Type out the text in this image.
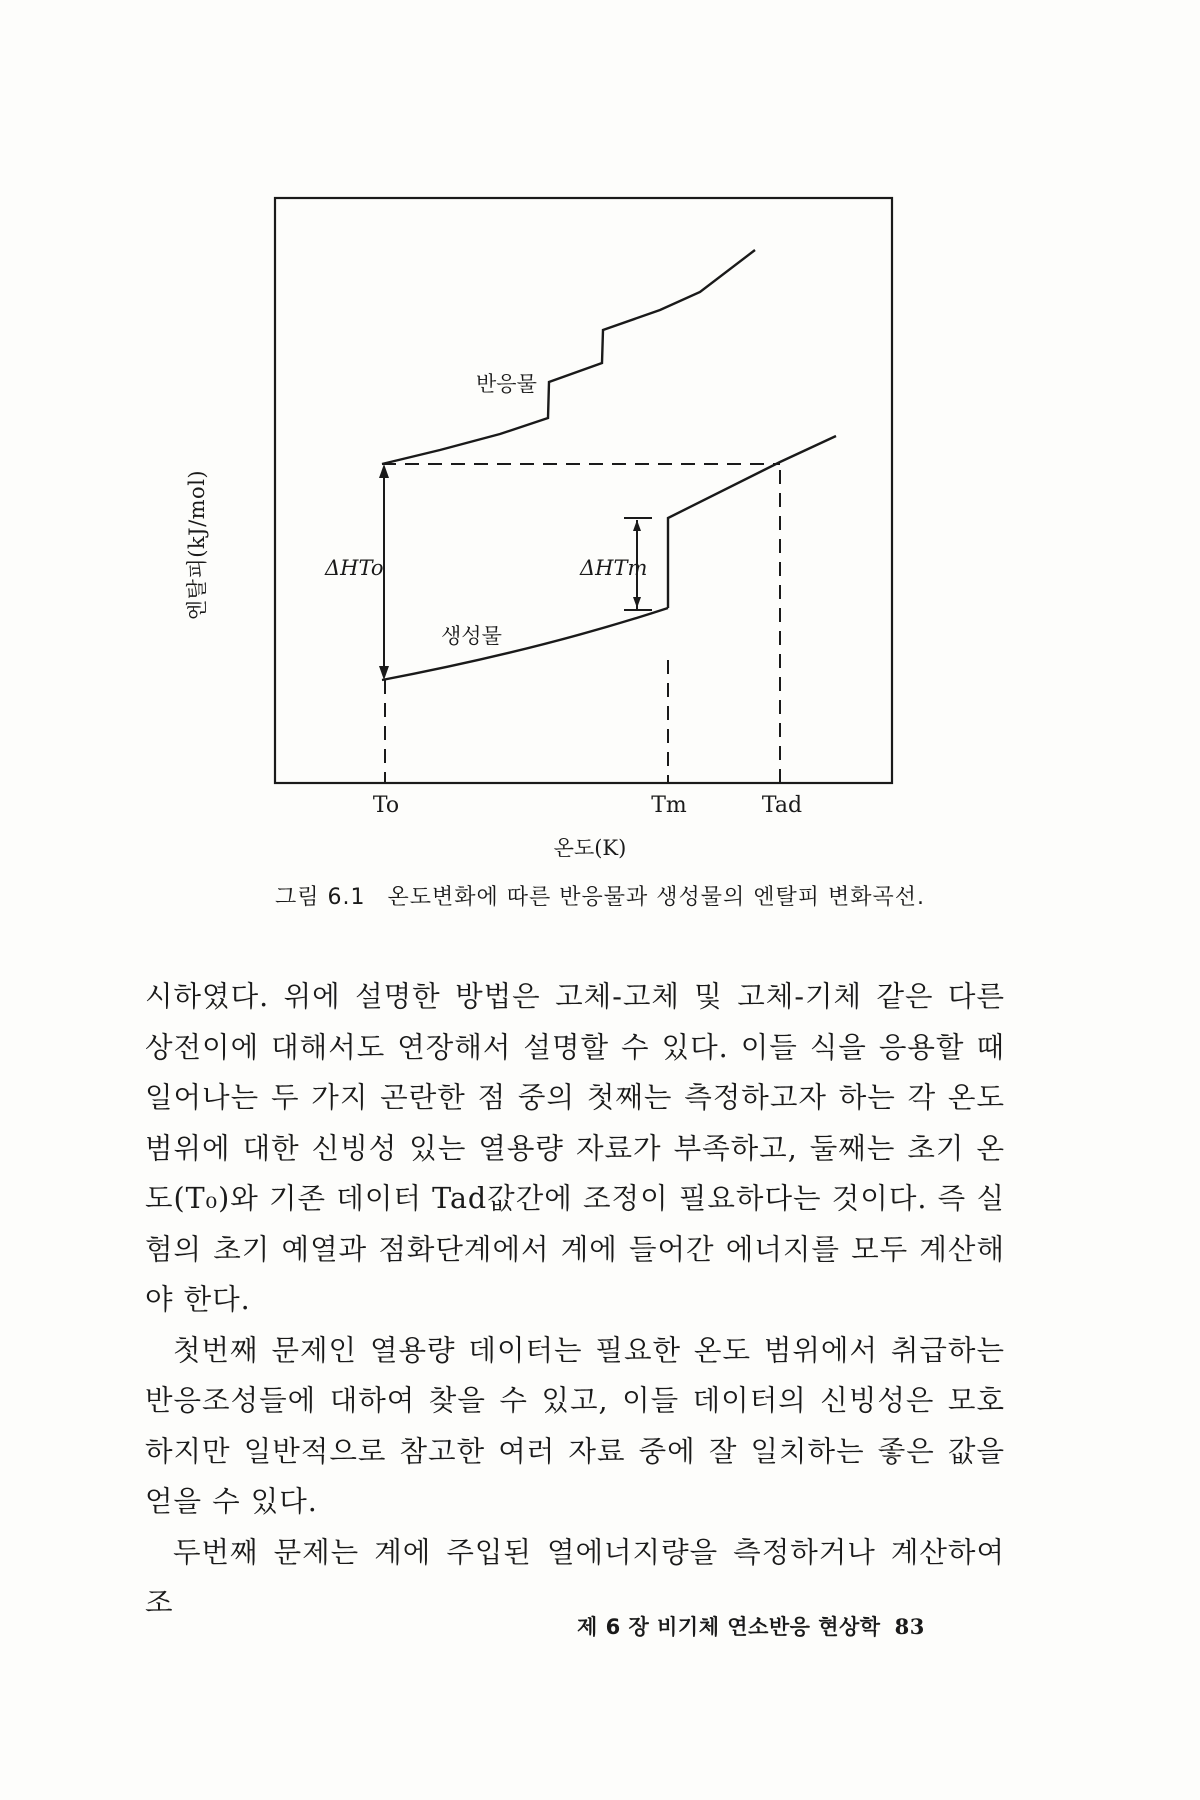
반응물
생성물
ΔHTo	ΔHTm
To	Tm	Tad
엔탈피(kJ/mol)
온도(K)
그림 6.1 온도변화에 따른 반응물과 생성물의 엔탈피 변화곡선.

시하였다. 위에 설명한 방법은 고체-고체 및 고체-기체 같은 다른 상전이에 대해서도 연장해서 설명할 수 있다. 이들 식을 응용할 때 일어나는 두 가지 곤란한 점 중의 첫째는 측정하고자 하는 각 온도 범위에 대한 신빙성 있는 열용량 자료가 부족하고, 둘째는 초기 온도(T₀)와 기존 데이터 Tad값간에 조정이 필요하다는 것이다. 즉 실험의 초기 예열과 점화단계에서 계에 들어간 에너지를 모두 계산해야 한다.

첫번째 문제인 열용량 데이터는 필요한 온도 범위에서 취급하는 반응조성들에 대하여 찾을 수 있고, 이들 데이터의 신빙성은 모호하지만 일반적으로 참고한 여러 자료 중에 잘 일치하는 좋은 값을 얻을 수 있다.

두번째 문제는 계에 주입된 열에너지량을 측정하거나 계산하여 조

제 6 장 비기체 연소반응 현상학 83
